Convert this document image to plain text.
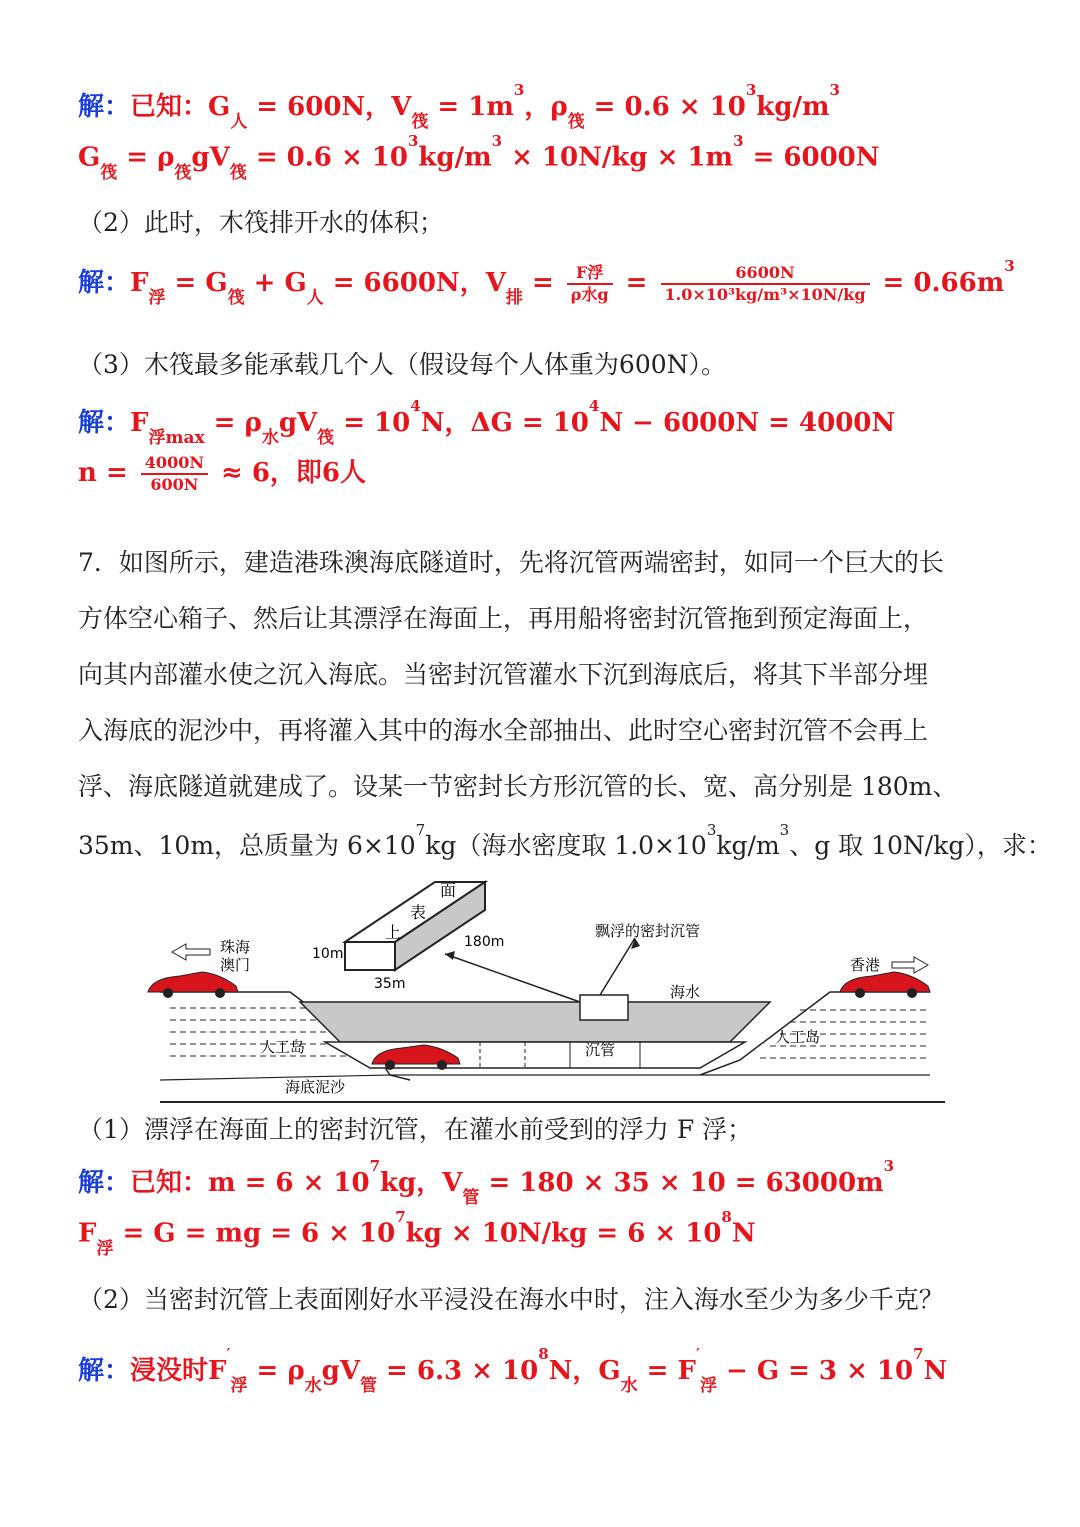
解：已知：$G_人 = 600N$，$V_筏 = 1m^3$，$\rho_筏 = 0.6 \times 10^3kg/m^3$
$G_筏 = \rho_筏gV_筏 = 0.6 \times 10^3kg/m^3 \times 10N/kg \times 1m^3 = 6000N$
（2）此时，木筏排开水的体积；
解：$F_浮 = G_筏 + G_人 = 6600N$，$V_排 = \frac{\text{F浮}}{\text{ρ水g}} = \frac{6600N}{\text{1.0×10³kg/m³×10N/kg}} = 0.66m^3$
（3）木筏最多能承载几个人（假设每个人体重为600N）。
解：$F_{浮max} = \rho_水gV_筏 = 10^4N$，$\Delta G = 10^4N - 6000N = 4000N$
$n = \frac{4000N}{600N} \approx 6$，即6人
7．如图所示，建造港珠澳海底隧道时，先将沉管两端密封，如同一个巨大的长
方体空心箱子、然后让其漂浮在海面上，再用船将密封沉管拖到预定海面上，
向其内部灌水使之沉入海底。当密封沉管灌水下沉到海底后，将其下半部分埋
入海底的泥沙中，再将灌入其中的海水全部抽出、此时空心密封沉管不会再上
浮、海底隧道就建成了。设某一节密封长方形沉管的长、宽、高分别是 180m、
35m、10m，总质量为 $6\times 10^7kg$（海水密度取 $1.0\times 10^3kg/m^3$、g 取 10N/kg），求：
面
表
上
10m
180m
35m
飘浮的密封沉管
海水
人工岛
人工岛
沉管
海底泥沙
珠海
澳门	香港
（1）漂浮在海面上的密封沉管，在灌水前受到的浮力 F 浮；
解：已知：$m = 6 \times 10^7kg$，$V_管 = 180 \times 35 \times 10 = 63000m^3$
$F_浮 = G$ = mg = $6 \times 10^7kg \times 10N/kg = 6 \times 10^8N$
（2）当密封沉管上表面刚好水平浸没在海水中时，注入海水至少为多少千克？
解：浸没时$F'_浮 = \rho_水gV_管 = 6.3 \times 10^8N$，$G_水 = F'_浮 - G = 3 \times 10^7N$
